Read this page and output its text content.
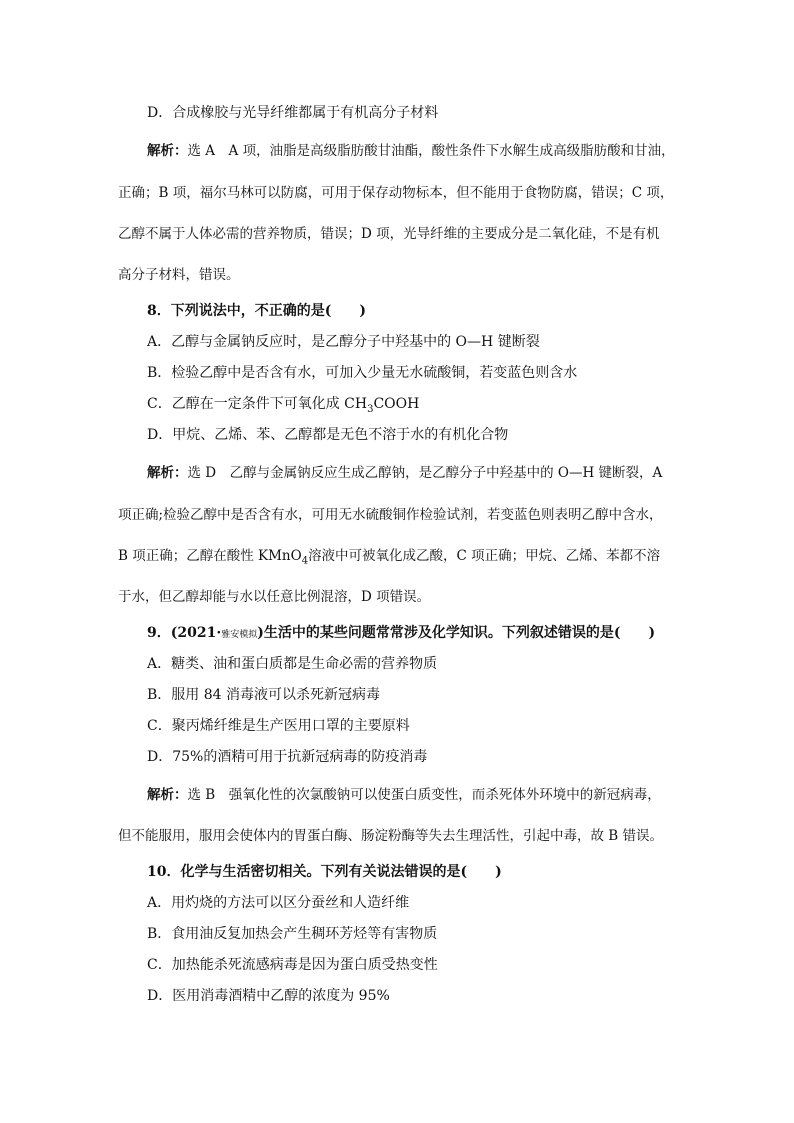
D．合成橡胶与光导纤维都属于有机高分子材料
解析：选 A　A 项，油脂是高级脂肪酸甘油酯，酸性条件下水解生成高级脂肪酸和甘油，
正确；B 项，福尔马林可以防腐，可用于保存动物标本，但不能用于食物防腐，错误；C 项，
乙醇不属于人体必需的营养物质，错误；D 项，光导纤维的主要成分是二氧化硅，不是有机
高分子材料，错误。
8．下列说法中，不正确的是(　　)
A．乙醇与金属钠反应时，是乙醇分子中羟基中的 O—H 键断裂
B．检验乙醇中是否含有水，可加入少量无水硫酸铜，若变蓝色则含水
C．乙醇在一定条件下可氧化成 $CH_3COOH$
D．甲烷、乙烯、苯、乙醇都是无色不溶于水的有机化合物
解析：选 D　乙醇与金属钠反应生成乙醇钠，是乙醇分子中羟基中的 O—H 键断裂，A
项正确;检验乙醇中是否含有水，可用无水硫酸铜作检验试剂，若变蓝色则表明乙醇中含水，
B 项正确；乙醇在酸性 KMnO$_4$溶液中可被氧化成乙酸，C 项正确；甲烷、乙烯、苯都不溶
于水，但乙醇却能与水以任意比例混溶，D 项错误。
9．(2021·雅安模拟)生活中的某些问题常常涉及化学知识。下列叙述错误的是(　　)
A．糖类、油和蛋白质都是生命必需的营养物质
B．服用 84 消毒液可以杀死新冠病毒
C．聚丙烯纤维是生产医用口罩的主要原料
D．75%的酒精可用于抗新冠病毒的防疫消毒
解析：选 B　强氧化性的次氯酸钠可以使蛋白质变性，而杀死体外环境中的新冠病毒，
但不能服用，服用会使体内的胃蛋白酶、肠淀粉酶等失去生理活性，引起中毒，故 B 错误。
10．化学与生活密切相关。下列有关说法错误的是(　　)
A．用灼烧的方法可以区分蚕丝和人造纤维
B．食用油反复加热会产生稠环芳烃等有害物质
C．加热能杀死流感病毒是因为蛋白质受热变性
D．医用消毒酒精中乙醇的浓度为 95%
